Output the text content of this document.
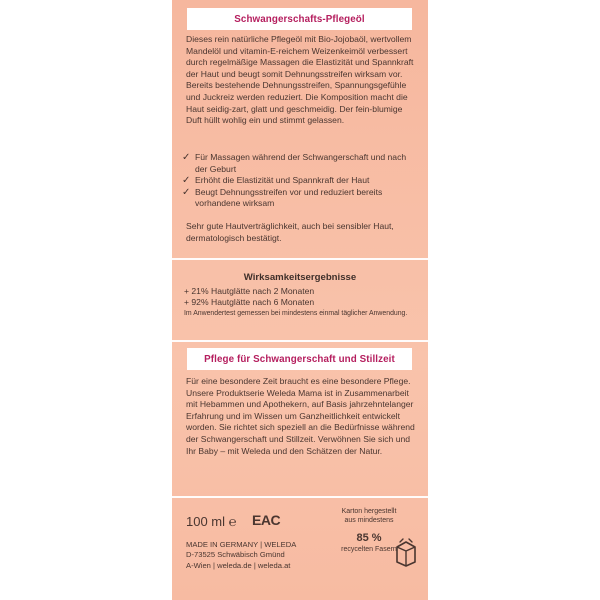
Schwangerschafts-Pflegeöl
Dieses rein natürliche Pflegeöl mit Bio-Jojobaöl, wertvollem Mandelöl und vitamin-E-reichem Weizenkeimöl verbessert durch regelmäßige Massagen die Elastizität und Spannkraft der Haut und beugt somit Dehnungsstreifen wirksam vor. Bereits bestehende Dehnungsstreifen, Spannungsgefühle und Juckreiz werden reduziert. Die Komposition macht die Haut seidig-zart, glatt und geschmeidig. Der fein-blumige Duft hüllt wohlig ein und stimmt gelassen.
✓ Für Massagen während der Schwangerschaft und nach der Geburt
✓ Erhöht die Elastizität und Spannkraft der Haut
✓ Beugt Dehnungsstreifen vor und reduziert bereits vorhandene wirksam
Sehr gute Hautverträglichkeit, auch bei sensibler Haut, dermatologisch bestätigt.
Wirksamkeitsergebnisse
+ 21% Hautglätte nach 2 Monaten
+ 92% Hautglätte nach 6 Monaten
Im Anwendertest gemessen bei mindestens einmal täglicher Anwendung.
Pflege für Schwangerschaft und Stillzeit
Für eine besondere Zeit braucht es eine besondere Pflege. Unsere Produktserie Weleda Mama ist in Zusammenarbeit mit Hebammen und Apothekern, auf Basis jahrzehntelanger Erfahrung und im Wissen um Ganzheitlichkeit entwickelt worden. Sie richtet sich speziell an die Bedürfnisse während der Schwangerschaft und Stillzeit. Verwöhnen Sie sich und Ihr Baby – mit Weleda und den Schätzen der Natur.
100 ml ℮ EAC
MADE IN GERMANY | WELEDA
D-73525 Schwäbisch Gmünd
A-Wien | weleda.de | weleda.at
Karton hergestellt aus mindestens
85 %
recycelten Fasern
